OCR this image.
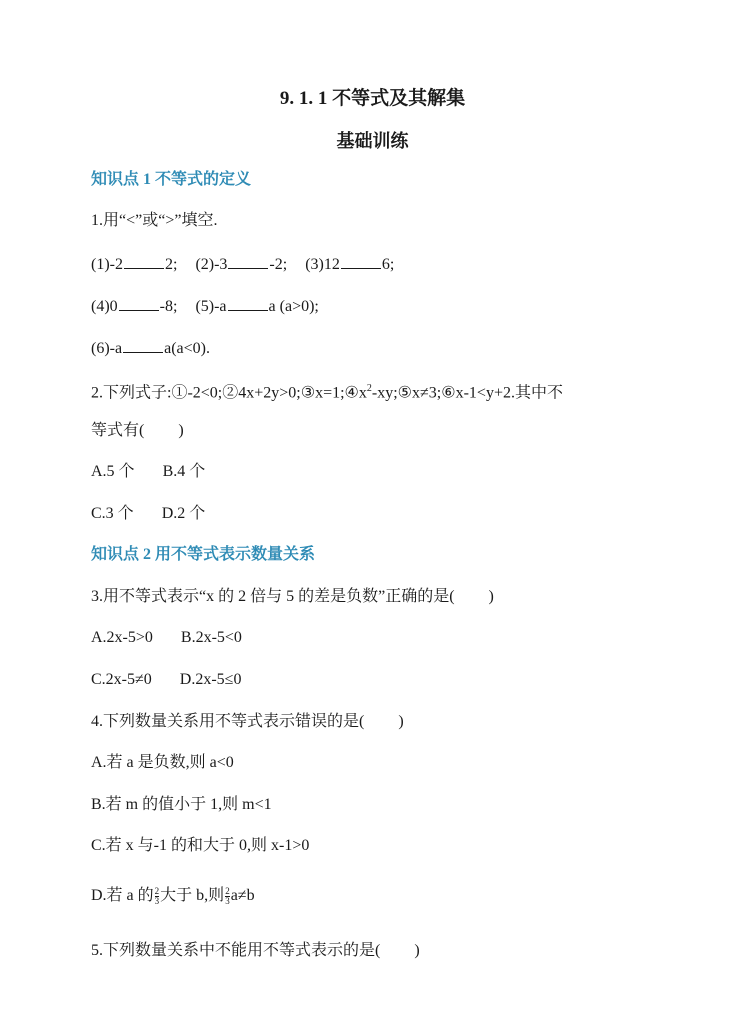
9. 1. 1 不等式及其解集
基础训练
知识点 1 不等式的定义
1.用“<”或“>”填空.
(1)-2	2; (2)-3	-2; (3)12	6;
(4)0	-8; (5)-a	a (a>0);
(6)-a	a(a<0).
2.下列式子$:①-2<0;②4x+2y>0;③x=1;④x^2-xy;⑤x\ne 3;⑥x-1<y+2$.其中不
等式有( )
A.5 个 B.4 个
C.3 个 D.2 个
知识点 2 用不等式表示数量关系
3.用不等式表示“x 的 2 倍与 5 的差是负数”正确的是( )
A.2x-5>0 B.2x-5<0
C.2x-5≠0 D.2x-5≤0
4.下列数量关系用不等式表示错误的是( )
A.若 a 是负数,则 a<0
B.若 m 的值小于 1,则 m<1
C.若 x 与-1 的和大于 0,则 x-1>0
D.若 a 的 $\frac{2}{3}$ 大于 b,则 $\frac{2}{3} a\ne b$
5.下列数量关系中不能用不等式表示的是( )
